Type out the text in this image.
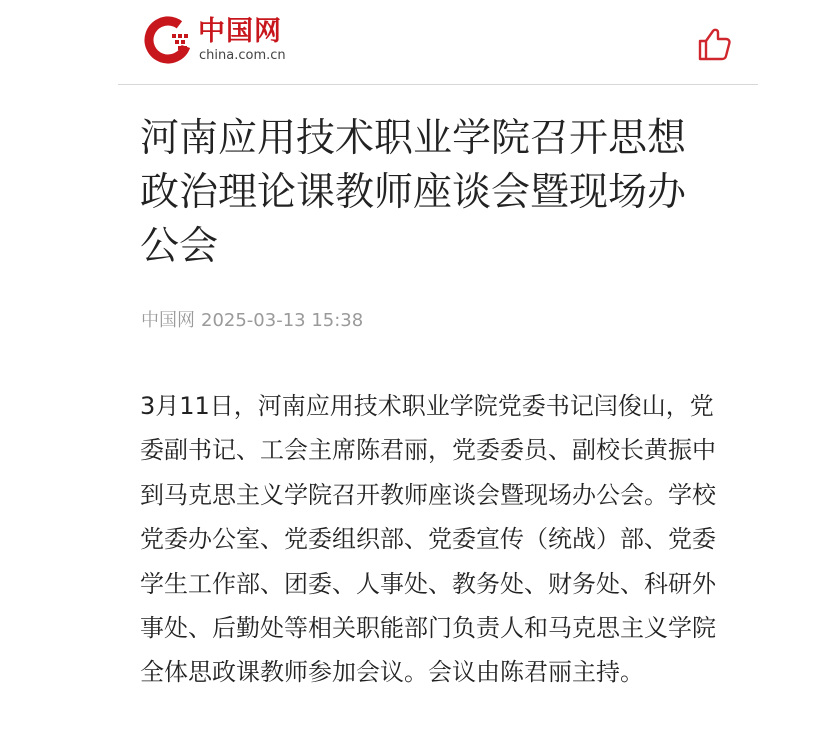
中国网
china.com.cn
河南应用技术职业学院召开思想政治理论课教师座谈会暨现场办公会
中国网 2025-03-13 15:38

3月11日，河南应用技术职业学院党委书记闫俊山，党委副书记、工会主席陈君丽，党委委员、副校长黄振中到马克思主义学院召开教师座谈会暨现场办公会。学校党委办公室、党委组织部、党委宣传（统战）部、党委学生工作部、团委、人事处、教务处、财务处、科研外事处、后勤处等相关职能部门负责人和马克思主义学院全体思政课教师参加会议。会议由陈君丽主持。
